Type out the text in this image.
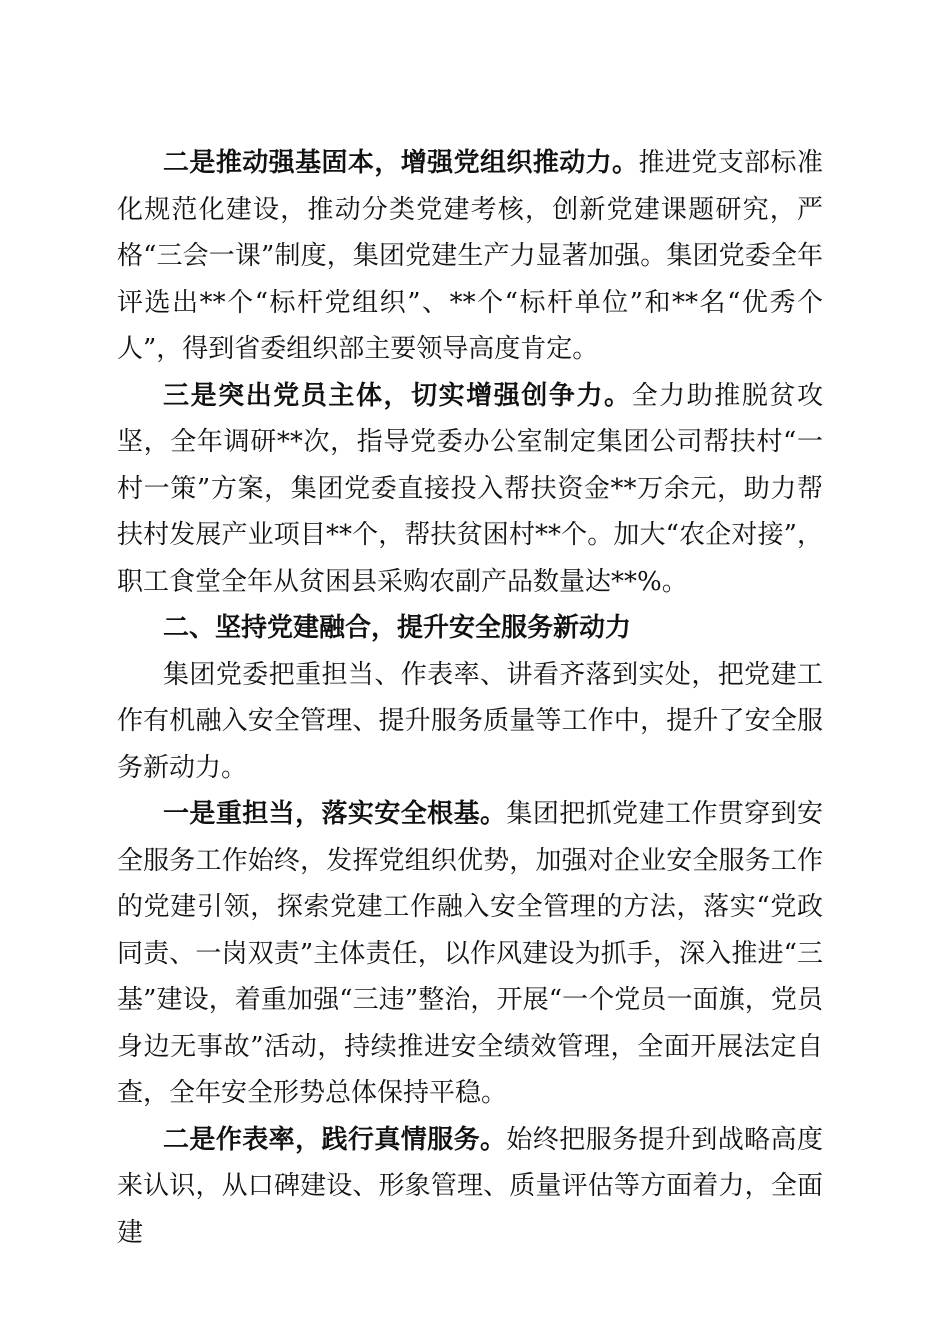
二是推动强基固本，增强党组织推动力。推进党支部标准化规范化建设，推动分类党建考核，创新党建课题研究，严格“三会一课”制度，集团党建生产力显著加强。集团党委全年评选出**个“标杆党组织”、**个“标杆单位”和**名“优秀个人”，得到省委组织部主要领导高度肯定。

三是突出党员主体，切实增强创争力。全力助推脱贫攻坚，全年调研**次，指导党委办公室制定集团公司帮扶村“一村一策”方案，集团党委直接投入帮扶资金**万余元，助力帮扶村发展产业项目**个，帮扶贫困村**个。加大“农企对接”，职工食堂全年从贫困县采购农副产品数量达**%。

二、坚持党建融合，提升安全服务新动力

集团党委把重担当、作表率、讲看齐落到实处，把党建工作有机融入安全管理、提升服务质量等工作中，提升了安全服务新动力。

一是重担当，落实安全根基。集团把抓党建工作贯穿到安全服务工作始终，发挥党组织优势，加强对企业安全服务工作的党建引领，探索党建工作融入安全管理的方法，落实“党政同责、一岗双责”主体责任，以作风建设为抓手，深入推进“三基”建设，着重加强“三违”整治，开展“一个党员一面旗，党员身边无事故”活动，持续推进安全绩效管理，全面开展法定自查，全年安全形势总体保持平稳。

二是作表率，践行真情服务。始终把服务提升到战略高度来认识，从口碑建设、形象管理、质量评估等方面着力，全面建
